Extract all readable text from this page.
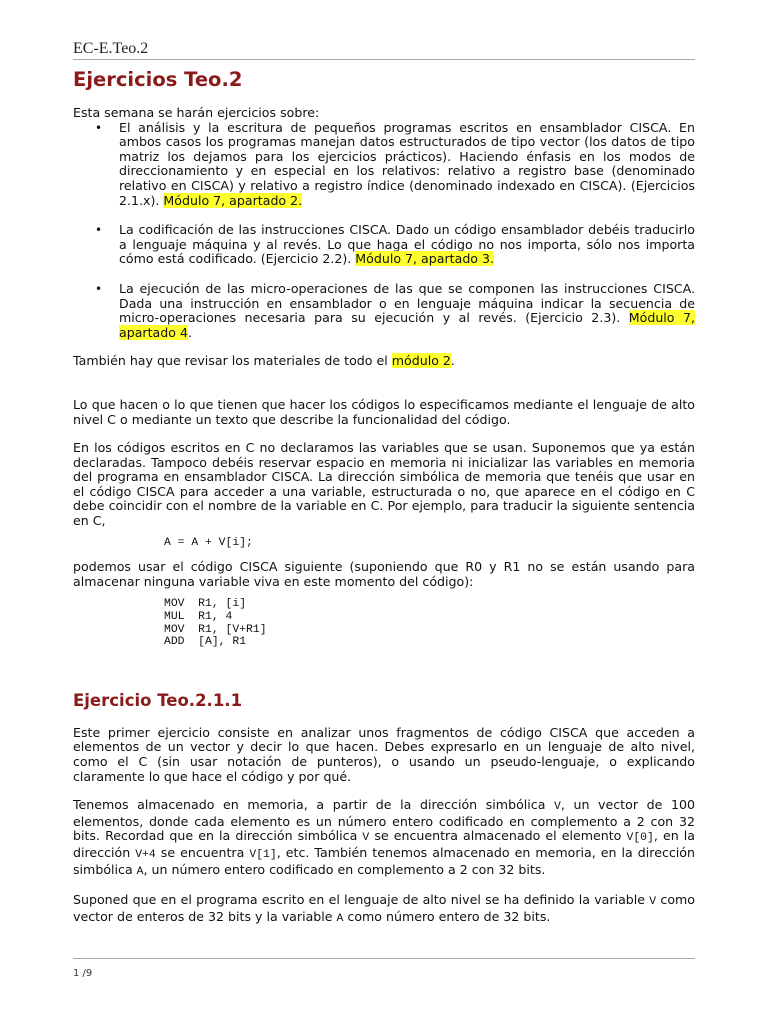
EC-E.Teo.2
Ejercicios Teo.2

Esta semana se harán ejercicios sobre:

• El análisis y la escritura de pequeños programas escritos en ensamblador CISCA. En ambos casos los programas manejan datos estructurados de tipo vector (los datos de tipo matriz los dejamos para los ejercicios prácticos). Haciendo énfasis en los modos de direccionamiento y en especial en los relativos: relativo a registro base (denominado relativo en CISCA) y relativo a registro índice (denominado indexado en CISCA). (Ejercicios 2.1.x). Módulo 7, apartado 2.
• La codificación de las instrucciones CISCA. Dado un código ensamblador debéis traducirlo a lenguaje máquina y al revés. Lo que haga el código no nos importa, sólo nos importa cómo está codificado. (Ejercicio 2.2). Módulo 7, apartado 3.
• La ejecución de las micro-operaciones de las que se componen las instrucciones CISCA. Dada una instrucción en ensamblador o en lenguaje máquina indicar la secuencia de micro-operaciones necesaria para su ejecución y al revés. (Ejercicio 2.3). Módulo 7, apartado 4.

También hay que revisar los materiales de todo el módulo 2.

Lo que hacen o lo que tienen que hacer los códigos lo especificamos mediante el lenguaje de alto nivel C o mediante un texto que describe la funcionalidad del código.

En los códigos escritos en C no declaramos las variables que se usan. Suponemos que ya están declaradas. Tampoco debéis reservar espacio en memoria ni inicializar las variables en memoria del programa en ensamblador CISCA. La dirección simbólica de memoria que tenéis que usar en el código CISCA para acceder a una variable, estructurada o no, que aparece en el código en C debe coincidir con el nombre de la variable en C. Por ejemplo, para traducir la siguiente sentencia en C,

A = A + V[i];

podemos usar el código CISCA siguiente (suponiendo que R0 y R1 no se están usando para almacenar ninguna variable viva en este momento del código):

MOV  R1, [i]
MUL  R1, 4
MOV  R1, [V+R1]
ADD  [A], R1
Ejercicio Teo.2.1.1

Este primer ejercicio consiste en analizar unos fragmentos de código CISCA que acceden a elementos de un vector y decir lo que hacen. Debes expresarlo en un lenguaje de alto nivel, como el C (sin usar notación de punteros), o usando un pseudo-lenguaje, o explicando claramente lo que hace el código y por qué.

Tenemos almacenado en memoria, a partir de la dirección simbólica V, un vector de 100 elementos, donde cada elemento es un número entero codificado en complemento a 2 con 32 bits. Recordad que en la dirección simbólica V se encuentra almacenado el elemento V[0], en la dirección V+4 se encuentra V[1], etc. También tenemos almacenado en memoria, en la dirección simbólica A, un número entero codificado en complemento a 2 con 32 bits.

Suponed que en el programa escrito en el lenguaje de alto nivel se ha definido la variable V como vector de enteros de 32 bits y la variable A como número entero de 32 bits.

1 /9
